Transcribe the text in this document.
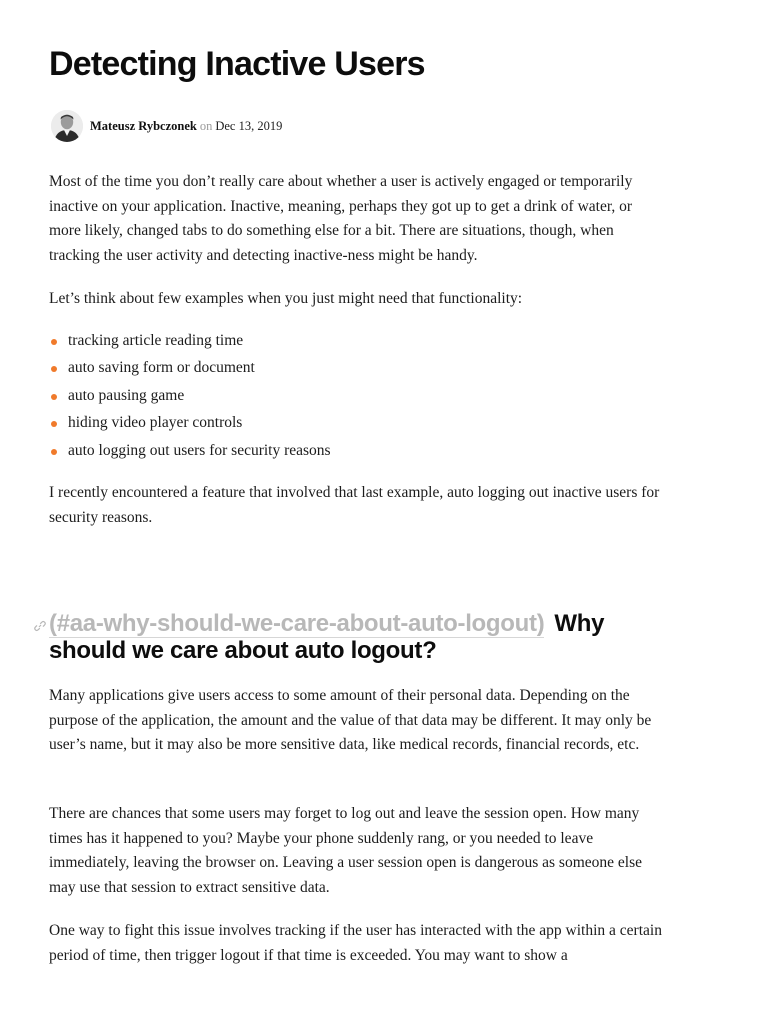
Detecting Inactive Users
Mateusz Rybczonek on Dec 13, 2019

Most of the time you don’t really care about whether a user is actively engaged or temporarily inactive on your application. Inactive, meaning, perhaps they got up to get a drink of water, or more likely, changed tabs to do something else for a bit. There are situations, though, when tracking the user activity and detecting inactive-ness might be handy.

Let’s think about few examples when you just might need that functionality:

tracking article reading time
auto saving form or document
auto pausing game
hiding video player controls
auto logging out users for security reasons

I recently encountered a feature that involved that last example, auto logging out inactive users for security reasons.

(#aa-why-should-we-care-about-auto-logout) Why should we care about auto logout?

Many applications give users access to some amount of their personal data. Depending on the purpose of the application, the amount and the value of that data may be different. It may only be user’s name, but it may also be more sensitive data, like medical records, financial records, etc.

There are chances that some users may forget to log out and leave the session open. How many times has it happened to you? Maybe your phone suddenly rang, or you needed to leave immediately, leaving the browser on. Leaving a user session open is dangerous as someone else may use that session to extract sensitive data.

One way to fight this issue involves tracking if the user has interacted with the app within a certain period of time, then trigger logout if that time is exceeded. You may want to show a
